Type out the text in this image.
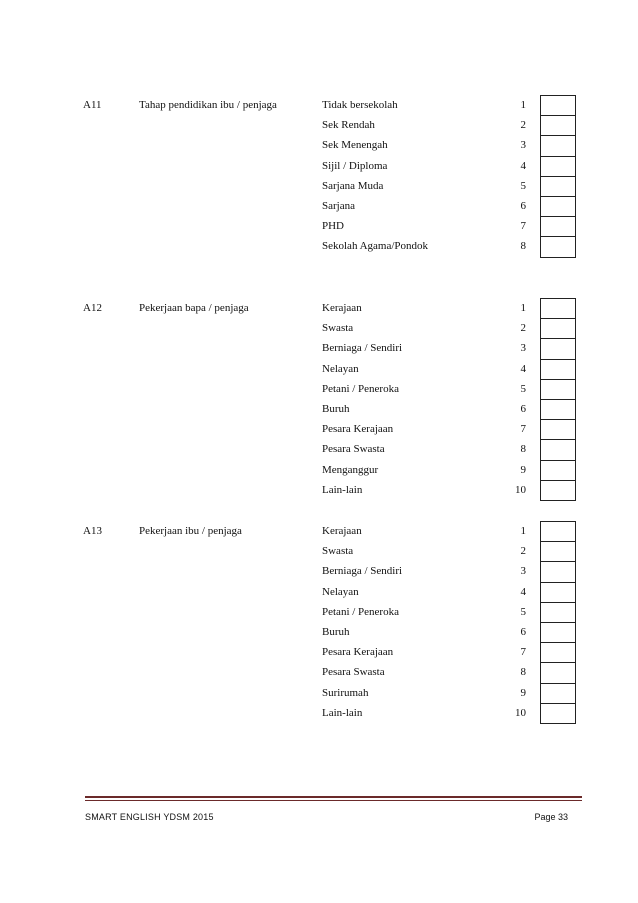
A11	Tahap pendidikan ibu / penjaga	Tidak bersekolah	1
Sek Rendah	2
Sek Menengah	3
Sijil / Diploma	4
Sarjana Muda	5
Sarjana	6
PHD	7
Sekolah Agama/Pondok	8
A12	Pekerjaan bapa / penjaga	Kerajaan	1
Swasta	2
Berniaga / Sendiri	3
Nelayan	4
Petani / Peneroka	5
Buruh	6
Pesara Kerajaan	7
Pesara Swasta	8
Menganggur	9
Lain-lain	10
A13	Pekerjaan ibu / penjaga	Kerajaan	1
Swasta	2
Berniaga / Sendiri	3
Nelayan	4
Petani / Peneroka	5
Buruh	6
Pesara Kerajaan	7
Pesara Swasta	8
Surirumah	9
Lain-lain	10
SMART ENGLISH YDSM 2015	Page 33
